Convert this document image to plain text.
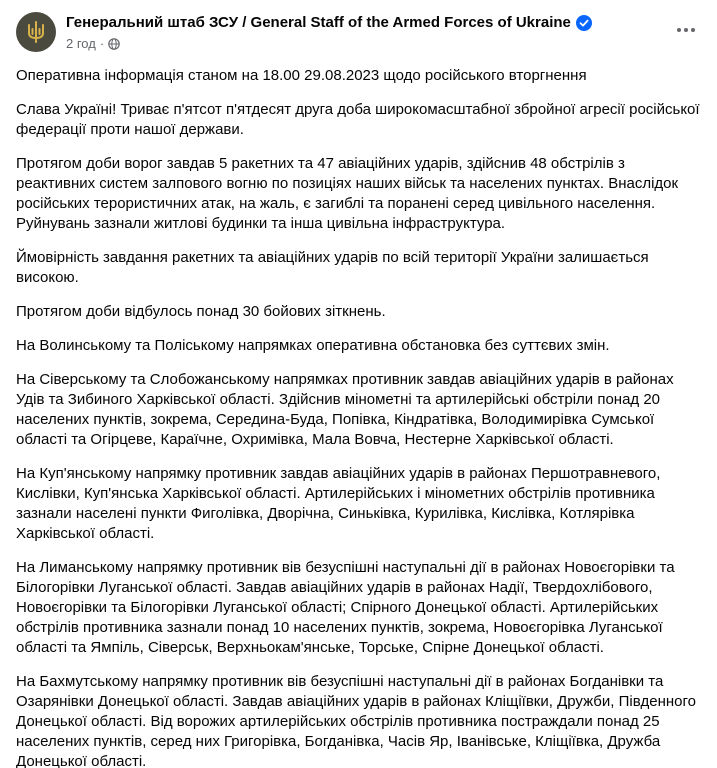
Генеральний штаб ЗСУ / General Staff of the Armed Forces of Ukraine
2 год ·

Оперативна інформація станом на 18.00 29.08.2023 щодо російського вторгнення

Слава Україні! Триває п'ятсот п'ятдесят друга доба широкомасштабної збройної агресії російської федерації проти нашої держави.

Протягом доби ворог завдав 5 ракетних та 47 авіаційних ударів, здійснив 48 обстрілів з реактивних систем залпового вогню по позиціях наших військ та населених пунктах. Внаслідок російських терористичних атак, на жаль, є загиблі та поранені серед цивільного населення. Руйнувань зазнали житлові будинки та інша цивільна інфраструктура.

Ймовірність завдання ракетних та авіаційних ударів по всій території України залишається високою.

Протягом доби відбулось понад 30 бойових зіткнень.

На Волинському та Поліському напрямках оперативна обстановка без суттєвих змін.

На Сіверському та Слобожанському напрямках противник завдав авіаційних ударів в районах Удів та Зибиного Харківської області. Здійснив мінометні та артилерійські обстріли понад 20 населених пунктів, зокрема, Середина-Буда, Попівка, Кіндратівка, Володимирівка Сумської області та Огірцеве, Караїчне, Охримівка, Мала Вовча, Нестерне Харківської області.

На Куп'янському напрямку противник завдав авіаційних ударів в районах Першотравневого, Кислівки, Куп'янська Харківської області. Артилерійських і мінометних обстрілів противника зазнали населені пункти Фиголівка, Дворічна, Синьківка, Курилівка, Кислівка, Котлярівка Харківської області.

На Лиманському напрямку противник вів безуспішні наступальні дії в районах Новоєгорівки та Білогорівки Луганської області. Завдав авіаційних ударів в районах Надії, Твердохлібового, Новоєгорівки та Білогорівки Луганської області; Спірного Донецької області. Артилерійських обстрілів противника зазнали понад 10 населених пунктів, зокрема, Новоєгорівка Луганської області та Ямпіль, Сіверськ, Верхньокам'янське, Торське, Спірне Донецької області.

На Бахмутському напрямку противник вів безуспішні наступальні дії в районах Богданівки та Озарянівки Донецької області. Завдав авіаційних ударів в районах Кліщіївки, Дружби, Південного Донецької області. Від ворожих артилерійських обстрілів противника постраждали понад 25 населених пунктів, серед них Григорівка, Богданівка, Часів Яр, Іванівське, Кліщіївка, Дружба Донецької області.
